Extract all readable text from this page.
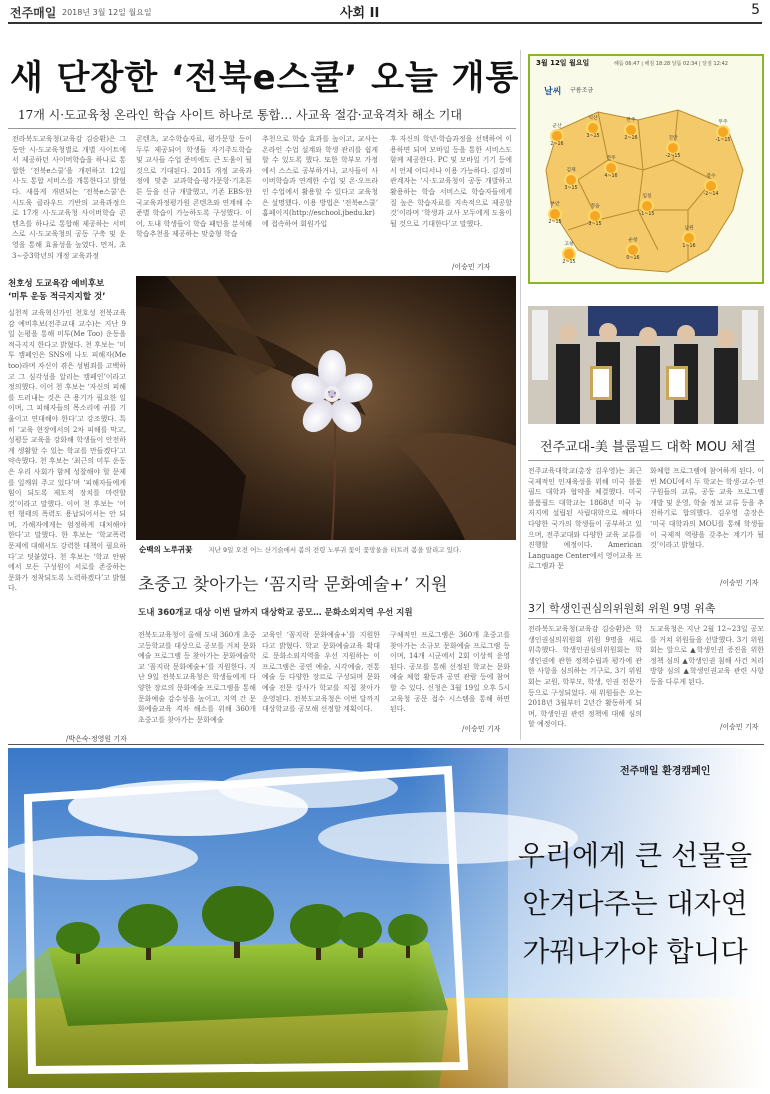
전주매일 2018년 3월 12일 월요일	사회 II	5
새 단장한 ‘전북e스쿨’ 오늘 개통
17개 시·도교육청 온라인 학습 사이트 하나로 통합… 사교육 절감·교육격차 해소 기대
전라북도교육청(교육감 김승환)은 그동안 시·도교육청별로 개별 사이트에서 제공하던 사이버학습을 하나로 통합한 ‘전북e스쿨’을 개편하고 12일 시·도 통합 서비스를 개통한다고 밝혔다. 새롭게 개편되는 ‘전북e스쿨’은 시도육 클라우드 기반의 교육과정으로 17개 시·도교육청 사이버학습 콘텐츠를 하나로 통합해 제공하는 서비스로 시·도교육청의 공동 구축 및 운영을 통해 효율성을 높였다. 먼저, 초3∼중3학년의 개정 교육과정
콘텐츠, 교수학습자료, 평가문항 등이 두루 제공되어 학생들 자기주도학습 및 교사들 수업 준비에도 큰 도움이 될 것으로 기대된다. 2015 개정 교육과정에 맞춘 교과학습·평가문항·기초튼튼 등을 신규 개발했고, 기존 EBS·한국교육과정평가원 콘텐츠와 연계해 수준별 학습이 가능하도록 구성했다. 이어, 도내 학생들이 학습 패턴을 분석해 학습추천을 제공하는 맞춤형 학습
추천으로 학습 효과를 높이고, 교사는 온라인 수업 설계와 학생 관리를 쉽게 할 수 있도록 했다. 또한 학부모 가정에서 스스로 공부하거나, 교사들이 사이버학습과 연계한 수업 및 온·오프라인 수업에서 활용할 수 있다고 교육청은 설명했다. 이용 방법은 ‘전북e스쿨’ 홈페이지(http://eschool.jbedu.kr)에 접속하여 회원가입
후 자신의 학년·학습과정을 선택하여 이용하면 되며 모바일 등을 통한 서비스도 함께 제공한다. PC 및 모바일 기기 등에서 언제 어디서나 이용 가능하다. 김정미 관계자는 ‘시·도교육청이 공동 개발하고 활용하는 학습 서비스로 학습자들에게 질 높은 학습자료를 지속적으로 제공할 것’이라며 ‘학생과 교사 모두에게 도움이 될 것으로 기대한다’고 말했다.
/이승민 기자
천호성 도교육감 예비후보
‘미투 운동 적극지지할 것’
실천적 교육혁신가인 천호성 전북교육감 예비후보(전주교대 교수)는 지난 9일 논평을 통해 미투(Me Too) 운동을 적극지지 한다고 밝혔다. 천 후보는 ‘미투 캠페인은 SNS에 나도 피해자(Me too)라며 자신이 겪은 성범죄를 고백하고 그 심각성을 알리는 캠페인’이라고 정의했다. 이어 천 후보는 ‘자신의 피해를 드러내는 것은 큰 용기가 필요한 일이며, 그 피해자들의 목소리에 귀를 기울이고 연대해야 한다’고 강조했다. 특히 ‘교육 현장에서의 2차 피해를 막고, 성평등 교육을 강화해 학생들이 안전하게 생활할 수 있는 학교를 만들겠다’고 약속했다. 천 후보는 ‘최근의 미투 운동은 우리 사회가 함께 성찰해야 할 문제를 일깨워 주고 있다’며 ‘피해자들에게 힘이 되도록 제도적 장치를 마련할 것’이라고 말했다. 이어 천 후보는 ‘어떤 형태의 폭력도 용납되어서는 안 되며, 가해자에게는 엄정하게 대처해야 한다’고 말했다. 한 후보는 ‘학교폭력 문제에 대해서도 강력한 대책이 필요하다’고 덧붙였다. 천 후보는 ‘학교 안팎에서 모든 구성원이 서로를 존중하는 문화가 정착되도록 노력하겠다’고 밝혔다.
/박은숙·정영원 기자
순백의 노루귀꽃 지난 9일 오전 어느 산기슭에서 봄의 전령 노루귀 꽃이 꽃망울을 터트려 봄을 알리고 있다.
초중고 찾아가는 ‘꼼지락 문화예술+’ 지원
도내 360개교 대상 이번 달까지 대상학교 공모… 문화소외지역 우선 지원
전북도교육청이 올해 도내 360개 초중고등학교를 대상으로 공모를 거쳐 문화예술 프로그램 등 찾아가는 문화예술학교 ‘꼼지락 문화예술+’를 지원한다. 지난 9일 전북도교육청은 학생들에게 다양한 장르의 문화예술 프로그램을 통해 문화예술 감수성을 높이고, 지역 간 문화예술교육 격차 해소를 위해 360개 초중고를 찾아가는 문화예술
교육인 ‘꼼지락 문화예술+’를 지원한다고 밝혔다. 학교 문화예술교육 확대로 문화소외지역을 우선 지원하는 이 프로그램은 공연 예술, 시각예술, 전통예술 등 다양한 장르로 구성되며 문화예술 전문 강사가 학교를 직접 찾아가 운영된다. 전북도교육청은 이번 달까지 대상학교를 공모해 선정할 계획이다.
구체적인 프로그램은 360개 초중고를 찾아가는 소규모 문화예술 프로그램 등이며, 14개 시군에서 2회 이상씩 운영된다. 공모를 통해 선정된 학교는 문화예술 체험 활동과 공연 관람 등에 참여할 수 있다. 신청은 3월 19일 오후 5시 교육청 공문 접수 시스템을 통해 하면 된다.
/이승민 기자
3월 12일 월요일	해뜸 06:47 | 해짐 18:28 달뜸 02:34 | 달짐 12:42
날씨 구름조금
군산
2~16
익산
3~15
완주
2~16	진안
-2~15
무주
-1~15
김제
3~15
전주
4~16	장수
-2~14
부안
2~15
정읍
3~15
임실
-1~15
고창
2~15
순창
0~16
남원
1~16
전주교대-美 블룸필드 대학 MOU 체결
전주교육대학교(총장 김우영)는 최근 국제적인 인재육성을 위해 미국 블룸필드 대학과 협약을 체결했다. 미국 블룸필드 대학교는 1868년 미국 뉴저지에 설립된 사립대학으로 해마다 다양한 국가의 학생들이 공부하고 있으며, 전주교대와 다양한 교육 교류를 진행할 예정이다. American Language Center에서 영어교육 프로그램과 문
화체험 프로그램에 참여하게 된다. 이번 MOU에서 두 학교는 학생·교수·연구원들의 교류, 공동 교육 프로그램 개발 및 운영, 학술 정보 교류 등을 추진하기로 합의했다. 김우영 총장은 ‘미국 대학과의 MOU를 통해 학생들이 국제적 역량을 갖추는 계기가 될 것’이라고 밝혔다.
/이승민 기자
3기 학생인권심의위원회 위원 9명 위촉
전라북도교육청(교육감 김승환)은 학생인권심의위원회 위원 9명을 새로 위촉했다. 학생인권심의위원회는 학생인권에 관한 정책수립과 평가에 관한 사항을 심의하는 기구로, 3기 위원회는 교원, 학부모, 학생, 인권 전문가 등으로 구성되었다. 새 위원들은 오는 2018년 3월부터 2년간 활동하게 되며, 학생인권 관련 정책에 대해 심의할 예정이다.
도교육청은 지난 2월 12∼23일 공모를 거쳐 위원들을 선발했다. 3기 위원회는 앞으로 ▲학생인권 증진을 위한 정책 심의 ▲학생인권 침해 사건 처리 방향 심의 ▲학생인권교육 관련 사항 등을 다루게 된다.
/이승민 기자
전주매일 환경캠페인
우리에게 큰 선물을
안겨다주는 대자연
가꿔나가야 합니다
